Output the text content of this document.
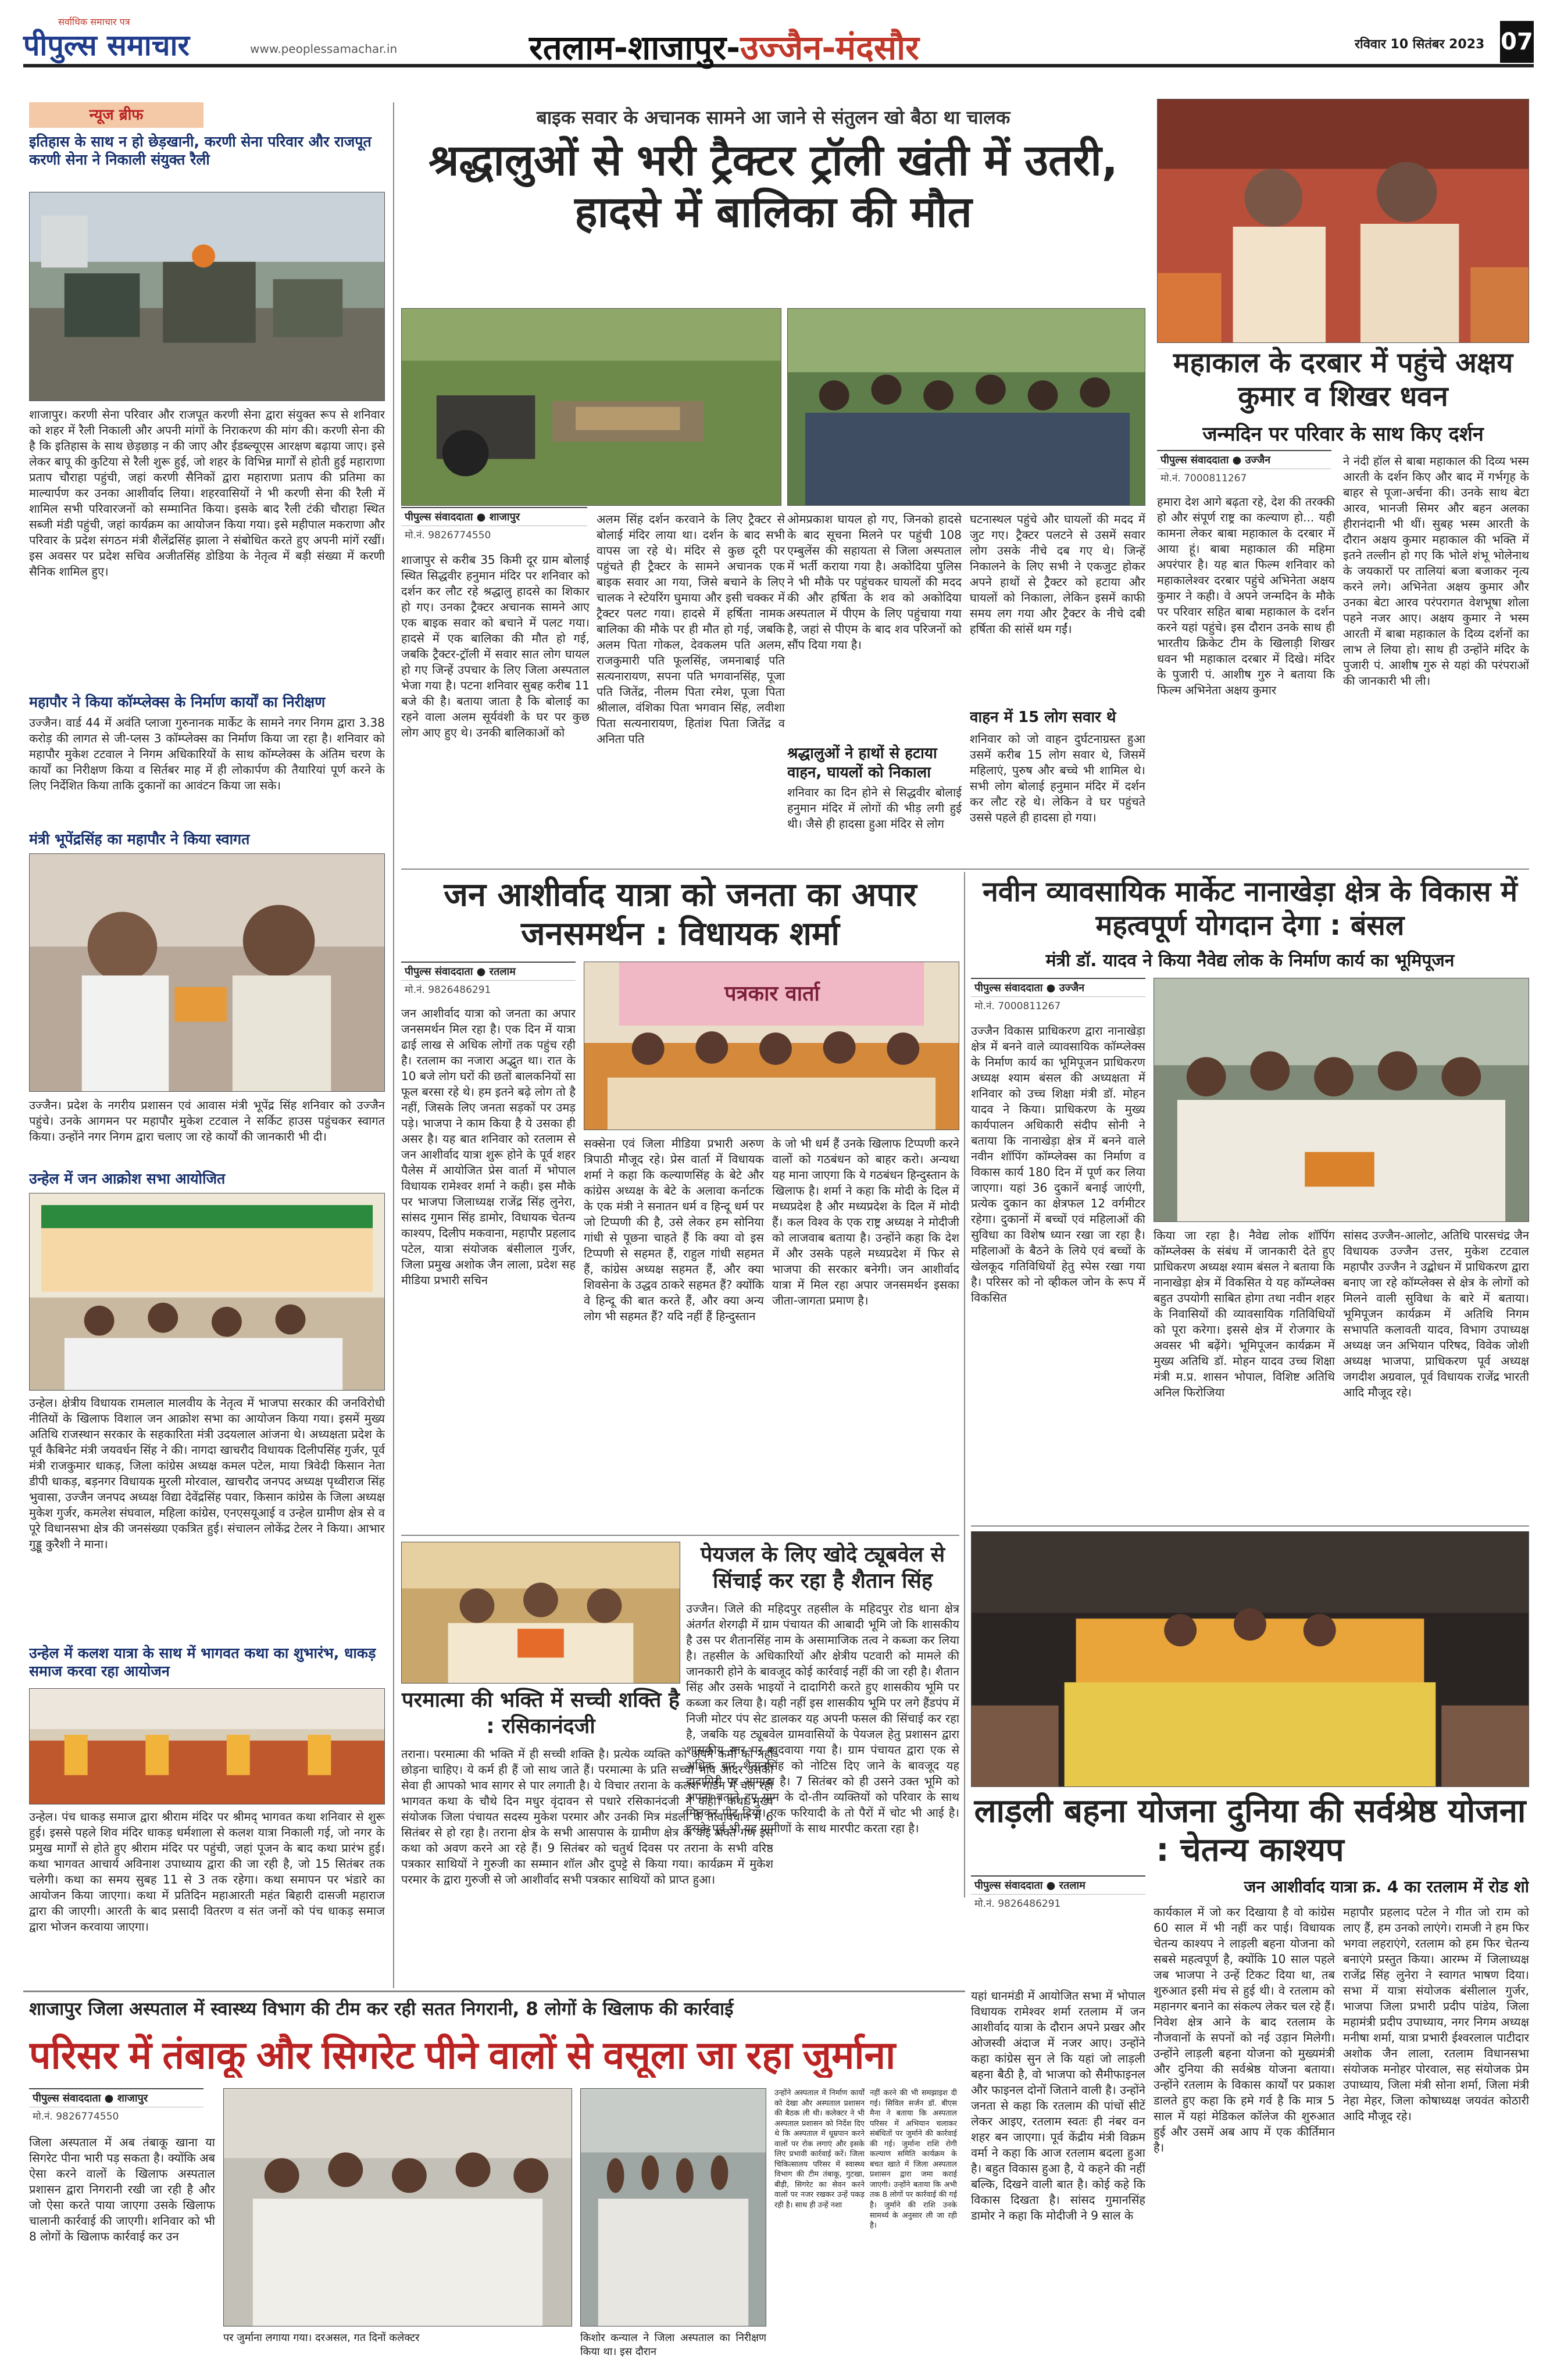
सर्वाधिक समाचार पत्र
पीपुल्स समाचार	www.peoplessamachar.in	रतलाम-शाजापुर-उज्जैन-मंदसौर	रविवार 10 सितंबर 2023 07
न्यूज ब्रीफ
इतिहास के साथ न हो छेड़खानी, करणी सेना परिवार और राजपूत करणी सेना ने निकाली संयुक्त रैली
शाजापुर। करणी सेना परिवार और राजपूत करणी सेना द्वारा संयुक्त रूप से शनिवार को शहर में रैली निकाली और अपनी मांगों के निराकरण की मांग की। करणी सेना की है कि इतिहास के साथ छेड़छाड़ न की जाए और ईडब्ल्यूएस आरक्षण बढ़ाया जाए। इसे लेकर बापू की कुटिया से रैली शुरू हुई, जो शहर के विभिन्न मार्गों से होती हुई महाराणा प्रताप चौराहा पहुंची, जहां करणी सैनिकों द्वारा महाराणा प्रताप की प्रतिमा का माल्यार्पण कर उनका आशीर्वाद लिया। शहरवासियों ने भी करणी सेना की रैली में शामिल सभी परिवारजनों को सम्मानित किया। इसके बाद रैली टंकी चौराहा स्थित सब्जी मंडी पहुंची, जहां कार्यक्रम का आयोजन किया गया। इसे महीपाल मकराणा और परिवार के प्रदेश संगठन मंत्री शैलेंद्रसिंह झाला ने संबोधित करते हुए अपनी मांगें रखीं। इस अवसर पर प्रदेश सचिव अजीतसिंह डोडिया के नेतृत्व में बड़ी संख्या में करणी सैनिक शामिल हुए।
महापौर ने किया कॉम्प्लेक्स के निर्माण कार्यों का निरीक्षण
उज्जैन। वार्ड 44 में अवंति प्लाजा गुरुनानक मार्केट के सामने नगर निगम द्वारा 3.38 करोड़ की लागत से जी-प्लस 3 कॉम्प्लेक्स का निर्माण किया जा रहा है। शनिवार को महापौर मुकेश टटवाल ने निगम अधिकारियों के साथ कॉम्प्लेक्स के अंतिम चरण के कार्यों का निरीक्षण किया व सिर्तबर माह में ही लोकार्पण की तैयारियां पूर्ण करने के लिए निर्देशित किया ताकि दुकानों का आवंटन किया जा सके।
मंत्री भूपेंद्रसिंह का महापौर ने किया स्वागत
उज्जैन। प्रदेश के नगरीय प्रशासन एवं आवास मंत्री भूपेंद्र सिंह शनिवार को उज्जैन पहुंचे। उनके आगमन पर महापौर मुकेश टटवाल ने सर्किट हाउस पहुंचकर स्वागत किया। उन्होंने नगर निगम द्वारा चलाए जा रहे कार्यों की जानकारी भी दी।
उन्हेल में जन आक्रोश सभा आयोजित
उन्हेल। क्षेत्रीय विधायक रामलाल मालवीय के नेतृत्व में भाजपा सरकार की जनविरोधी नीतियों के खिलाफ विशाल जन आक्रोश सभा का आयोजन किया गया। इसमें मुख्य अतिथि राजस्थान सरकार के सहकारिता मंत्री उदयलाल आंजना थे। अध्यक्षता प्रदेश के पूर्व कैबिनेट मंत्री जयवर्धन सिंह ने की। नागदा खाचरौद विधायक दिलीपसिंह गुर्जर, पूर्व मंत्री राजकुमार धाकड़, जिला कांग्रेस अध्यक्ष कमल पटेल, माया त्रिवेदी किसान नेता डीपी धाकड़, बड़नगर विधायक मुरली मोरवाल, खाचरौद जनपद अध्यक्ष पृथ्वीराज सिंह भुवासा, उज्जैन जनपद अध्यक्ष विद्या देवेंद्रसिंह पवार, किसान कांग्रेस के जिला अध्यक्ष मुकेश गुर्जर, कमलेश संघवाल, महिला कांग्रेस, एनएसयूआई व उन्हेल ग्रामीण क्षेत्र से व पूरे विधानसभा क्षेत्र की जनसंख्या एकत्रित हुई। संचालन लोकेंद्र टेलर ने किया। आभार गुड्डू कुरैशी ने माना।
उन्हेल में कलश यात्रा के साथ में भागवत कथा का शुभारंभ, धाकड़ समाज करवा रहा आयोजन
उन्हेल। पंच धाकड़ समाज द्वारा श्रीराम मंदिर पर श्रीमद् भागवत कथा शनिवार से शुरू हुई। इससे पहले शिव मंदिर धाकड़ धर्मशाला से कलश यात्रा निकाली गई, जो नगर के प्रमुख मार्गों से होते हुए श्रीराम मंदिर पर पहुंची, जहां पूजन के बाद कथा प्रारंभ हुई। कथा भागवत आचार्य अविनाश उपाध्याय द्वारा की जा रही है, जो 15 सितंबर तक चलेगी। कथा का समय सुबह 11 से 3 तक रहेगा। कथा समापन पर भंडारे का आयोजन किया जाएगा। कथा में प्रतिदिन महाआरती महंत बिहारी दासजी महाराज द्वारा की जाएगी। आरती के बाद प्रसादी वितरण व संत जनों को पंच धाकड़ समाज द्वारा भोजन करवाया जाएगा।
बाइक सवार के अचानक सामने आ जाने से संतुलन खो बैठा था चालक
श्रद्धालुओं से भरी ट्रैक्टर ट्रॉली खंती में उतरी, हादसे में बालिका की मौत
पीपुल्स संवाददाता ● शाजापुर
मो.नं. 9826774550
शाजापुर से करीब 35 किमी दूर ग्राम बोलाई स्थित सिद्धवीर हनुमान मंदिर पर शनिवार को दर्शन कर लौट रहे श्रद्धालु हादसे का शिकार हो गए। उनका ट्रैक्टर अचानक सामने आए एक बाइक सवार को बचाने में पलट गया। हादसे में एक बालिका की मौत हो गई, जबकि ट्रैक्टर-ट्रॉली में सवार सात लोग घायल हो गए जिन्हें उपचार के लिए जिला अस्पताल भेजा गया है। पटना शनिवार सुबह करीब 11 बजे की है। बताया जाता है कि बोलाई का रहने वाला अलम सूर्यवंशी के घर पर कुछ लोग आए हुए थे। उनकी बालिकाओं को
अलम सिंह दर्शन करवाने के लिए ट्रैक्टर से बोलाई मंदिर लाया था। दर्शन के बाद सभी वापस जा रहे थे। मंदिर से कुछ दूरी पर पहुंचते ही ट्रैक्टर के सामने अचानक एक बाइक सवार आ गया, जिसे बचाने के लिए चालक ने स्टेयरिंग घुमाया और इसी चक्कर में ट्रैक्टर पलट गया। हादसे में हर्षिता नामक बालिका की मौके पर ही मौत हो गई, जबकि अलम पिता गोकल, देवकलम पति अलम, राजकुमारी पति फूलसिंह, जमनाबाई पति सत्यनारायण, सपना पति भगवानसिंह, पूजा पति जितेंद्र, नीलम पिता रमेश, पूजा पिता श्रीलाल, वंशिका पिता भगवान सिंह, लवीशा पिता सत्यनारायण, हितांश पिता जितेंद्र व अनिता पति
ओमप्रकाश घायल हो गए, जिनको हादसे के बाद सूचना मिलने पर पहुंची 108 एम्बुलेंस की सहायता से जिला अस्पताल में भर्ती कराया गया है। अकोदिया पुलिस ने भी मौके पर पहुंचकर घायलों की मदद की और हर्षिता के शव को अकोदिया अस्पताल में पीएम के लिए पहुंचाया गया है, जहां से पीएम के बाद शव परिजनों को सौंप दिया गया है।
श्रद्धालुओं ने हाथों से हटाया वाहन, घायलों को निकाला
शनिवार का दिन होने से सिद्धवीर बोलाई हनुमान मंदिर में लोगों की भीड़ लगी हुई थी। जैसे ही हादसा हुआ मंदिर से लोग
घटनास्थल पहुंचे और घायलों की मदद में जुट गए। ट्रैक्टर पलटने से उसमें सवार लोग उसके नीचे दब गए थे। जिन्हें निकालने के लिए सभी ने एकजुट होकर अपने हाथों से ट्रैक्टर को हटाया और घायलों को निकाला, लेकिन इसमें काफी समय लग गया और ट्रैक्टर के नीचे दबी हर्षिता की सांसें थम गईं।
वाहन में 15 लोग सवार थे
शनिवार को जो वाहन दुर्घटनाग्रस्त हुआ उसमें करीब 15 लोग सवार थे, जिसमें महिलाएं, पुरुष और बच्चे भी शामिल थे। सभी लोग बोलाई हनुमान मंदिर में दर्शन कर लौट रहे थे। लेकिन वे घर पहुंचते उससे पहले ही हादसा हो गया।
महाकाल के दरबार में पहुंचे अक्षय कुमार व शिखर धवन
जन्मदिन पर परिवार के साथ किए दर्शन
पीपुल्स संवाददाता ● उज्जैन
मो.नं. 7000811267
हमारा देश आगे बढ़ता रहे, देश की तरक्की हो और संपूर्ण राष्ट्र का कल्याण हो... यही कामना लेकर बाबा महाकाल के दरबार में आया हूं। बाबा महाकाल की महिमा अपरंपार है। यह बात फिल्म शनिवार को महाकालेश्वर दरबार पहुंचे अभिनेता अक्षय कुमार ने कही। वे अपने जन्मदिन के मौके पर परिवार सहित बाबा महाकाल के दर्शन करने यहां पहुंचे। इस दौरान उनके साथ ही भारतीय क्रिकेट टीम के खिलाड़ी शिखर धवन भी महाकाल दरबार में दिखे। मंदिर के पुजारी पं. आशीष गुरु ने बताया कि फिल्म अभिनेता अक्षय कुमार
ने नंदी हॉल से बाबा महाकाल की दिव्य भस्म आरती के दर्शन किए और बाद में गर्भगृह के बाहर से पूजा-अर्चना की। उनके साथ बेटा आरव, भानजी सिमर और बहन अलका हीरानंदानी भी थीं। सुबह भस्म आरती के दौरान अक्षय कुमार महाकाल की भक्ति में इतने तल्लीन हो गए कि भोले शंभू भोलेनाथ के जयकारों पर तालियां बजा बजाकर नृत्य करने लगे। अभिनेता अक्षय कुमार और उनका बेटा आरव परंपरागत वेशभूषा शोला पहने नजर आए। अक्षय कुमार ने भस्म आरती में बाबा महाकाल के दिव्य दर्शनों का लाभ ले लिया हो। साथ ही उन्होंने मंदिर के पुजारी पं. आशीष गुरु से यहां की परंपराओं की जानकारी भी ली।
जन आशीर्वाद यात्रा को जनता का अपार जनसमर्थन : विधायक शर्मा
पीपुल्स संवाददाता ● रतलाम
मो.नं. 9826486291
जन आशीर्वाद यात्रा को जनता का अपार जनसमर्थन मिल रहा है। एक दिन में यात्रा ढाई लाख से अधिक लोगों तक पहुंच रही है। रतलाम का नजारा अद्भुत था। रात के 10 बजे लोग घरों की छतों बालकनियों सा फूल बरसा रहे थे। हम इतने बढ़े लोग तो है नहीं, जिसके लिए जनता सड़कों पर उमड़ पड़े। भाजपा ने काम किया है ये उसका ही असर है। यह बात शनिवार को रतलाम से जन आशीर्वाद यात्रा शुरू होने के पूर्व शहर पैलेस में आयोजित प्रेस वार्ता में भोपाल विधायक रामेश्वर शर्मा ने कही। इस मौके पर भाजपा जिलाध्यक्ष राजेंद्र सिंह लुनेरा, सांसद गुमान सिंह डामोर, विधायक चेतन्य काश्यप, दिलीप मकवाना, महापौर प्रहलाद पटेल, यात्रा संयोजक बंसीलाल गुर्जर, जिला प्रमुख अशोक जैन लाला, प्रदेश सह मीडिया प्रभारी सचिन
पत्रकार वार्ता
सक्सेना एवं जिला मीडिया प्रभारी अरुण त्रिपाठी मौजूद रहे। प्रेस वार्ता में विधायक शर्मा ने कहा कि कल्याणसिंह के बेटे और कांग्रेस अध्यक्ष के बेटे के अलावा कर्नाटक के एक मंत्री ने सनातन धर्म व हिन्दू धर्म पर जो टिप्पणी की है, उसे लेकर हम सोनिया गांधी से पूछना चाहते हैं कि क्या वो इस टिप्पणी से सहमत हैं, राहुल गांधी सहमत हैं, कांग्रेस अध्यक्ष सहमत हैं, और क्या शिवसेना के उद्धव ठाकरे सहमत हैं? क्योंकि वे हिन्दू की बात करते हैं, और क्या अन्य लोग भी सहमत हैं? यदि नहीं हैं हिन्दुस्तान
के जो भी धर्म हैं उनके खिलाफ टिप्पणी करने वालों को गठबंधन को बाहर करो। अन्यथा यह माना जाएगा कि ये गठबंधन हिन्दुस्तान के खिलाफ है। शर्मा ने कहा कि मोदी के दिल में मध्यप्रदेश है और मध्यप्रदेश के दिल में मोदी हैं। कल विश्व के एक राष्ट्र अध्यक्ष ने मोदीजी को लाजवाब बताया है। उन्होंने कहा कि देश में और उसके पहले मध्यप्रदेश में फिर से भाजपा की सरकार बनेगी। जन आशीर्वाद यात्रा में मिल रहा अपार जनसमर्थन इसका जीता-जागता प्रमाण है।
परमात्मा की भक्ति में सच्ची शक्ति है : रसिकानंदजी
तराना। परमात्मा की भक्ति में ही सच्ची शक्ति है। प्रत्येक व्यक्ति को अपने कर्मों को नहीं छोड़ना चाहिए। ये कर्म ही हैं जो साथ जाते हैं। परमात्मा के प्रति सच्चा भाव आदर उसकी सेवा ही आपको भाव सागर से पार लगाती है। ये विचार तराना के कलश गार्डन में चल रही भागवत कथा के चौथे दिन मधुर वृंदावन से पधारे रसिकानंदजी ने कही। कथा मुख्य संयोजक जिला पंचायत सदस्य मुकेश परमार और उनकी मित्र मंडली के तत्वावधान में 6 सितंबर से हो रहा है। तराना क्षेत्र के सभी आसपास के ग्रामीण क्षेत्र के कई भक्त गण इस कथा को अवण करने आ रहे हैं। 9 सितंबर को चतुर्थ दिवस पर तराना के सभी वरिष्ठ पत्रकार साथियों ने गुरुजी का सम्मान शॉल और दुपट्टे से किया गया। कार्यक्रम में मुकेश परमार के द्वारा गुरुजी से जो आशीर्वाद सभी पत्रकार साथियों को प्राप्त हुआ।
पेयजल के लिए खोदे ट्यूबवेल से सिंचाई कर रहा है शैतान सिंह
उज्जैन। जिले की महिदपुर तहसील के महिदपुर रोड थाना क्षेत्र अंतर्गत शेरगढ़ी में ग्राम पंचायत की आबादी भूमि जो कि शासकीय है उस पर शैतानसिंह नाम के असामाजिक तत्व ने कब्जा कर लिया है। तहसील के अधिकारियों और क्षेत्रीय पटवारी को मामले की जानकारी होने के बावजूद कोई कार्रवाई नहीं की जा रही है। शैतान सिंह और उसके भाइयों ने दादागिरी करते हुए शासकीय भूमि पर कब्जा कर लिया है। यही नहीं इस शासकीय भूमि पर लगे हैंडपंप में निजी मोटर पंप सेट डालकर यह अपनी फसल की सिंचाई कर रहा है, जबकि यह ट्यूबवेल ग्रामवासियों के पेयजल हेतु प्रशासन द्वारा शासकीय स्तर पर खुदवाया गया है। ग्राम पंचायत द्वारा एक से अधिक बार शैतानसिंह को नोटिस दिए जाने के बावजूद यह दादागिरी पर आमादा है। 7 सितंबर को ही उसने उक्त भूमि को अपना बताते हुए ग्राम के दो-तीन व्यक्तियों को परिवार के साथ मिलकर पीट दिया। एक फरियादी के तो पैरों में चोट भी आई है। इसके पूर्व भी यह ग्रामीणों के साथ मारपीट करता रहा है।
नवीन व्यावसायिक मार्केट नानाखेड़ा क्षेत्र के विकास में महत्वपूर्ण योगदान देगा : बंसल
मंत्री डॉ. यादव ने किया नैवेद्य लोक के निर्माण कार्य का भूमिपूजन
पीपुल्स संवाददाता ● उज्जैन
मो.नं. 7000811267
उज्जैन विकास प्राधिकरण द्वारा नानाखेड़ा क्षेत्र में बनने वाले व्यावसायिक कॉम्प्लेक्स के निर्माण कार्य का भूमिपूजन प्राधिकरण अध्यक्ष श्याम बंसल की अध्यक्षता में शनिवार को उच्च शिक्षा मंत्री डॉ. मोहन यादव ने किया। प्राधिकरण के मुख्य कार्यपालन अधिकारी संदीप सोनी ने बताया कि नानाखेड़ा क्षेत्र में बनने वाले नवीन शॉपिंग कॉम्प्लेक्स का निर्माण व विकास कार्य 180 दिन में पूर्ण कर लिया जाएगा। यहां 36 दुकानें बनाई जाएंगी, प्रत्येक दुकान का क्षेत्रफल 12 वर्गमीटर रहेगा। दुकानों में बच्चों एवं महिलाओं की सुविधा का विशेष ध्यान रखा जा रहा है। महिलाओं के बैठने के लिये एवं बच्चों के खेलकूद गतिविधियों हेतु स्पेस रखा गया है। परिसर को नो व्हीकल जोन के रूप में विकसित
किया जा रहा है। नैवेद्य लोक शॉपिंग कॉम्प्लेक्स के संबंध में जानकारी देते हुए प्राधिकरण अध्यक्ष श्याम बंसल ने बताया कि नानाखेड़ा क्षेत्र में विकसित ये यह कॉम्प्लेक्स बहुत उपयोगी साबित होगा तथा नवीन शहर के निवासियों की व्यावसायिक गतिविधियों को पूरा करेगा। इससे क्षेत्र में रोजगार के अवसर भी बढ़ेंगे। भूमिपूजन कार्यक्रम में मुख्य अतिथि डॉ. मोहन यादव उच्च शिक्षा मंत्री म.प्र. शासन भोपाल, विशिष्ट अतिथि अनिल फिरोजिया
सांसद उज्जैन-आलोट, अतिथि पारसचंद्र जैन विधायक उज्जैन उत्तर, मुकेश टटवाल महापौर उज्जैन ने उद्बोधन में प्राधिकरण द्वारा बनाए जा रहे कॉम्प्लेक्स से क्षेत्र के लोगों को मिलने वाली सुविधा के बारे में बताया। भूमिपूजन कार्यक्रम में अतिथि निगम सभापति कलावती यादव, विभाग उपाध्यक्ष अध्यक्ष जन अभियान परिषद, विवेक जोशी अध्यक्ष भाजपा, प्राधिकरण पूर्व अध्यक्ष जगदीश अग्रवाल, पूर्व विधायक राजेंद्र भारती आदि मौजूद रहे।
लाड़ली बहना योजना दुनिया की सर्वश्रेष्ठ योजना : चेतन्य काश्यप
पीपुल्स संवाददाता ● रतलाम
मो.नं. 9826486291
जन आशीर्वाद यात्रा क्र. 4 का रतलाम में रोड शो
यहां धानमंडी में आयोजित सभा में भोपाल विधायक रामेश्वर शर्मा रतलाम में जन आशीर्वाद यात्रा के दौरान अपने प्रखर और ओजस्वी अंदाज में नजर आए। उन्होंने कहा कांग्रेस सुन ले कि यहां जो लाड़ली बहना बैठी है, वो भाजपा को सैमीफाइनल और फाइनल दोनों जिताने वाली है। उन्होंने जनता से कहा कि रतलाम की पांचों सीटें लेकर आइए, रतलाम स्वतः ही नंबर वन शहर बन जाएगा। पूर्व केंद्रीय मंत्री विक्रम वर्मा ने कहा कि आज रतलाम बदला हुआ है। बहुत विकास हुआ है, ये कहने की नहीं बल्कि, दिखने वाली बात है। कोई कहे कि विकास दिखता है। सांसद गुमानसिंह डामोर ने कहा कि मोदीजी ने 9 साल के
कार्यकाल में जो कर दिखाया है वो कांग्रेस 60 साल में भी नहीं कर पाई। विधायक चेतन्य काश्यप ने लाड़ली बहना योजना को सबसे महत्वपूर्ण है, क्योंकि 10 साल पहले जब भाजपा ने उन्हें टिकट दिया था, तब शुरुआत इसी मंच से हुई थी। वे रतलाम को महानगर बनाने का संकल्प लेकर चल रहे हैं। निवेश क्षेत्र आने के बाद रतलाम के नौजवानों के सपनों को नई उड़ान मिलेगी। उन्होंने लाड़ली बहना योजना को मुख्यमंत्री और दुनिया की सर्वश्रेष्ठ योजना बताया। उन्होंने रतलाम के विकास कार्यों पर प्रकाश डालते हुए कहा कि हमे गर्व है कि मात्र 5 साल में यहां मेडिकल कॉलेज की शुरुआत हुई और उसमें अब आप में एक कीर्तिमान है।
महापौर प्रहलाद पटेल ने गीत जो राम को लाए हैं, हम उनको लाएंगे। रामजी ने हम फिर भगवा लहराएंगे, रतलाम को हम फिर चेतन्य बनाएंगे प्रस्तुत किया। आरम्भ में जिलाध्यक्ष राजेंद्र सिंह लुनेरा ने स्वागत भाषण दिया। सभा में यात्रा संयोजक बंसीलाल गुर्जर, भाजपा जिला प्रभारी प्रदीप पांडेय, जिला महामंत्री प्रदीप उपाध्याय, नगर निगम अध्यक्ष मनीषा शर्मा, यात्रा प्रभारी ईश्वरलाल पाटीदार अशोक जैन लाला, रतलाम विधानसभा संयोजक मनोहर पोरवाल, सह संयोजक प्रेम उपाध्याय, जिला मंत्री सोना शर्मा, जिला मंत्री नेहा मेहर, जिला कोषाध्यक्ष जयवंत कोठारी आदि मौजूद रहे।
शाजापुर जिला अस्पताल में स्वास्थ्य विभाग की टीम कर रही सतत निगरानी, 8 लोगों के खिलाफ की कार्रवाई
परिसर में तंबाकू और सिगरेट पीने वालों से वसूला जा रहा जुर्माना
पीपुल्स संवाददाता ● शाजापुर
मो.नं. 9826774550
जिला अस्पताल में अब तंबाकू खाना या सिगरेट पीना भारी पड़ सकता है। क्योंकि अब ऐसा करने वालों के खिलाफ अस्पताल प्रशासन द्वारा निगरानी रखी जा रही है और जो ऐसा करते पाया जाएगा उसके खिलाफ चालानी कार्रवाई की जाएगी। शनिवार को भी 8 लोगों के खिलाफ कार्रवाई कर उन
पर जुर्माना लगाया गया। दरअसल, गत दिनों कलेक्टर	किशोर कन्याल ने जिला अस्पताल का निरीक्षण किया था। इस दौरान
उन्होंने अस्पताल में निर्माण कार्यों को देखा और अस्पताल प्रशासन की बैठक ली थी। कलेक्टर ने भी अस्पताल प्रशासन को निर्देश दिए थे कि अस्पताल में धूम्रपान करने वालों पर रोक लगाएं और इसके लिए प्रभावी कार्रवाई करें। जिला चिकित्सालय परिसर में स्वास्थ्य विभाग की टीम तंबाकू, गुटखा, बीड़ी, सिगरेट का सेवन करने वालों पर नजर रखकर उन्हें पकड़ रही है। साथ ही उन्हें नशा
नहीं करने की भी समझाइश दी गई। सिविल सर्जन डॉ. बीएस मैना ने बताया कि अस्पताल परिसर में अभियान चलाकर संबंधितों पर जुर्माने की कार्रवाई की गई। जुर्माना राशि रोगी कल्याण समिति कार्यक्रम के बचत खाते में जिला अस्पताल प्रशासन द्वारा जमा कराई जाएगी। उन्होंने बताया कि अभी तक 8 लोगों पर कार्रवाई की गई है। जुर्माने की राशि उनके सामर्थ्य के अनुसार ली जा रही है।
